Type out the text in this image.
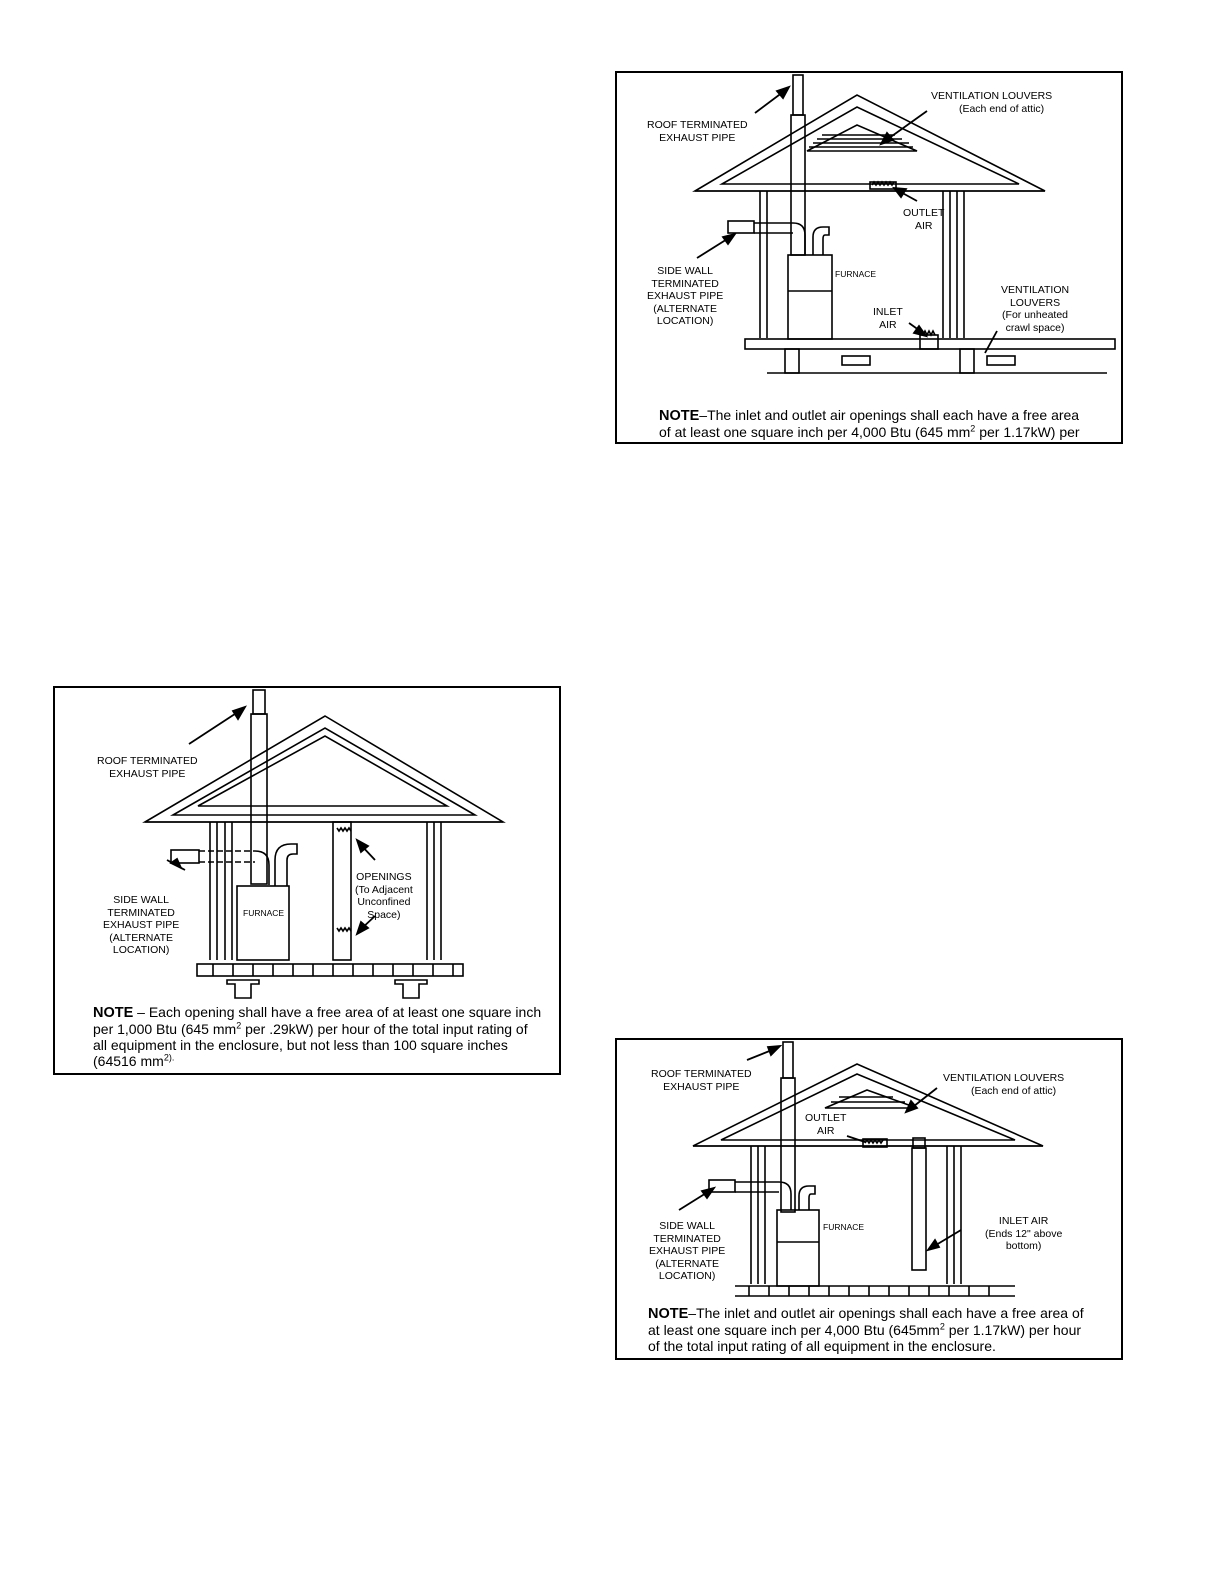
ROOF TERMINATED
EXHAUST PIPE
VENTILATION LOUVERS
(Each end of attic)
OUTLET
AIR
SIDE WALL
TERMINATED
EXHAUST PIPE
(ALTERNATE
LOCATION)
FURNACE
INLET
AIR
VENTILATION
LOUVERS
(For unheated
crawl space)
NOTE–The inlet and outlet air openings shall each have a free area
of at least one square inch per 4,000 Btu (645 $mm^2$ per 1.17kW) per
ROOF TERMINATED
EXHAUST PIPE
SIDE WALL
TERMINATED
EXHAUST PIPE
(ALTERNATE
LOCATION)
FURNACE
OPENINGS
(To Adjacent
Unconfined
Space)
NOTE – Each opening shall have a free area of at least one square inch
per 1,000 Btu (645 $mm^2$ per .29kW) per hour of the total input rating of
all equipment in the enclosure, but not less than 100 square inches
(64516 $mm^{2).}$
ROOF TERMINATED
EXHAUST PIPE
VENTILATION LOUVERS
(Each end of attic)
OUTLET
AIR
SIDE WALL
TERMINATED
EXHAUST PIPE
(ALTERNATE
LOCATION)
FURNACE	INLET AIR
(Ends 12" above
bottom)
NOTE–The inlet and outlet air openings shall each have a free area of
at least one square inch per 4,000 Btu ($645mm^2$ per 1.17kW) per hour
of the total input rating of all equipment in the enclosure.
